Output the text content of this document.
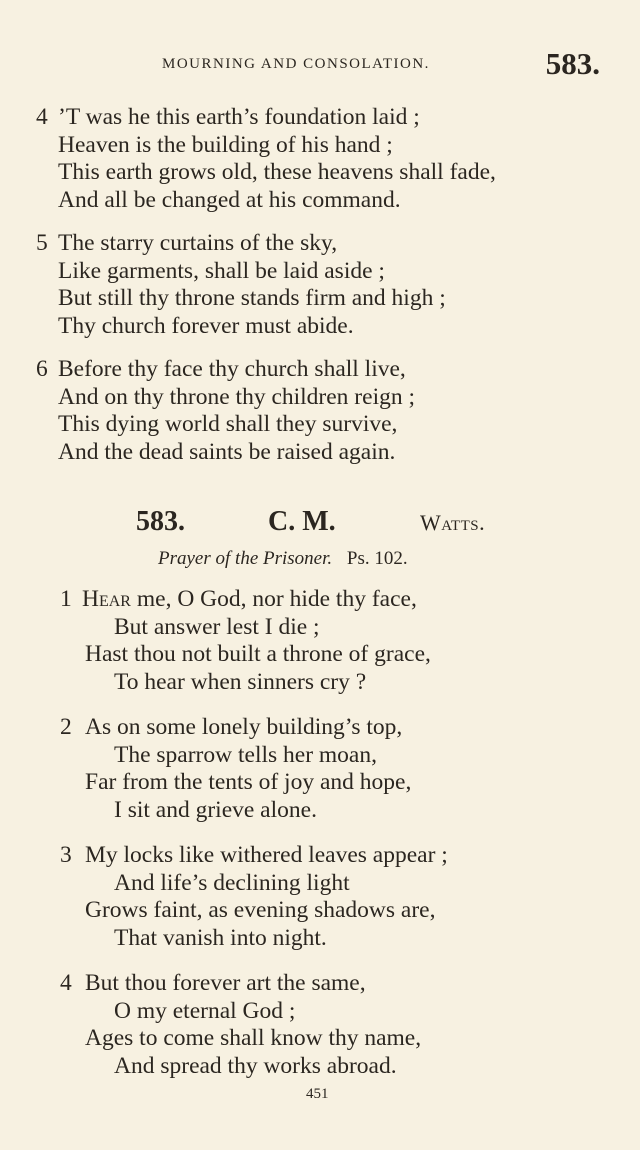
MOURNING AND CONSOLATION.	583.
4 ’T was he this earth’s foundation laid ;
Heaven is the building of his hand ;
This earth grows old, these heavens shall fade,
And all be changed at his command.
5 The starry curtains of the sky,
Like garments, shall be laid aside ;
But still thy throne stands firm and high ;
Thy church forever must abide.
6 Before thy face thy church shall live,
And on thy throne thy children reign ;
This dying world shall they survive,
And the dead saints be raised again.
583.	C. M.	Watts.
Prayer of the Prisoner. Ps. 102.
1 Hear me, O God, nor hide thy face,
But answer lest I die ;
Hast thou not built a throne of grace,
To hear when sinners cry ?
2 As on some lonely building’s top,
The sparrow tells her moan,
Far from the tents of joy and hope,
I sit and grieve alone.
3 My locks like withered leaves appear ;
And life’s declining light
Grows faint, as evening shadows are,
That vanish into night.
4 But thou forever art the same,
O my eternal God ;
Ages to come shall know thy name,
And spread thy works abroad.
451
